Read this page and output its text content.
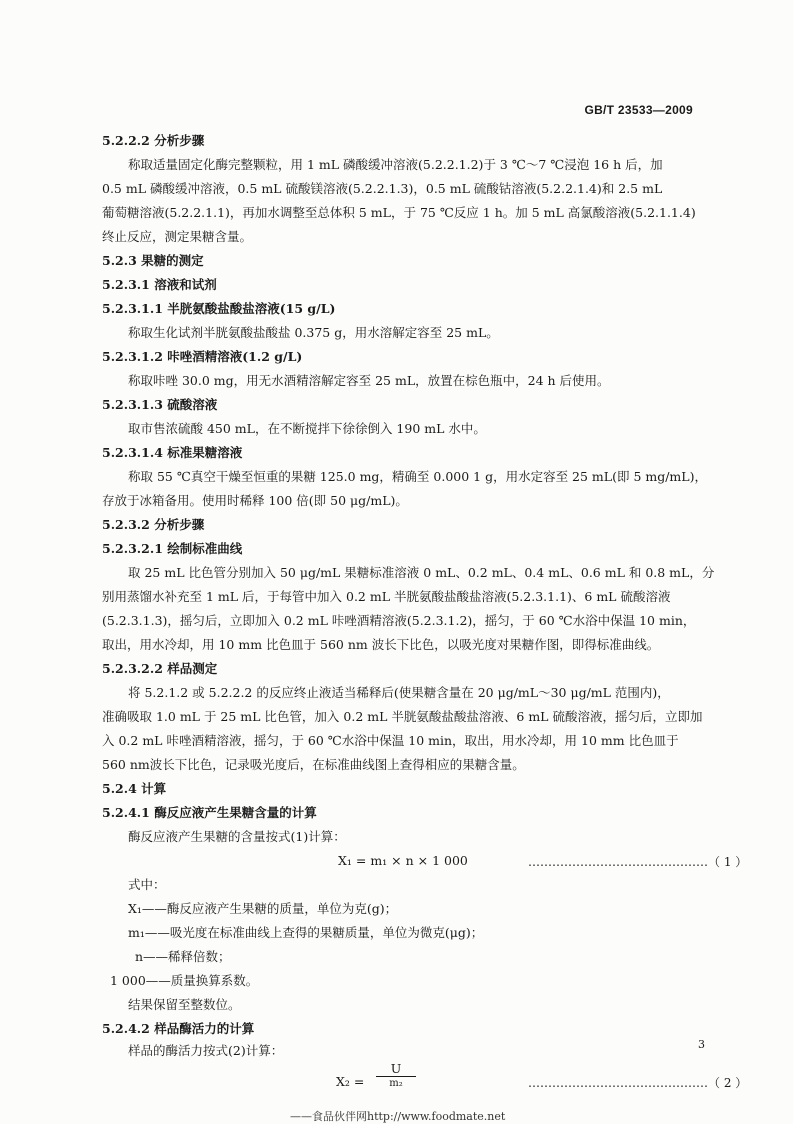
GB/T 23533—2009
5.2.2.2 分析步骤
称取适量固定化酶完整颗粒，用 1 mL 磷酸缓冲溶液(5.2.2.1.2)于 3 ℃～7 ℃浸泡 16 h 后，加
0.5 mL 磷酸缓冲溶液，0.5 mL 硫酸镁溶液(5.2.2.1.3)，0.5 mL 硫酸钴溶液(5.2.2.1.4)和 2.5 mL
葡萄糖溶液(5.2.2.1.1)，再加水调整至总体积 5 mL，于 75 ℃反应 1 h。加 5 mL 高氯酸溶液(5.2.1.1.4)
终止反应，测定果糖含量。
5.2.3 果糖的测定
5.2.3.1 溶液和试剂
5.2.3.1.1 半胱氨酸盐酸盐溶液(15 g/L)
称取生化试剂半胱氨酸盐酸盐 0.375 g，用水溶解定容至 25 mL。
5.2.3.1.2 咔唑酒精溶液(1.2 g/L)
称取咔唑 30.0 mg，用无水酒精溶解定容至 25 mL，放置在棕色瓶中，24 h 后使用。
5.2.3.1.3 硫酸溶液
取市售浓硫酸 450 mL，在不断搅拌下徐徐倒入 190 mL 水中。
5.2.3.1.4 标准果糖溶液
称取 55 ℃真空干燥至恒重的果糖 125.0 mg，精确至 0.000 1 g，用水定容至 25 mL(即 5 mg/mL)，
存放于冰箱备用。使用时稀释 100 倍(即 50 μg/mL)。
5.2.3.2 分析步骤
5.2.3.2.1 绘制标准曲线
取 25 mL 比色管分别加入 50 μg/mL 果糖标准溶液 0 mL、0.2 mL、0.4 mL、0.6 mL 和 0.8 mL，分
别用蒸馏水补充至 1 mL 后，于每管中加入 0.2 mL 半胱氨酸盐酸盐溶液(5.2.3.1.1)、6 mL 硫酸溶液
(5.2.3.1.3)，摇匀后，立即加入 0.2 mL 咔唑酒精溶液(5.2.3.1.2)，摇匀，于 60 ℃水浴中保温 10 min，
取出，用水冷却，用 10 mm 比色皿于 560 nm 波长下比色，以吸光度对果糖作图，即得标准曲线。
5.2.3.2.2 样品测定
将 5.2.1.2 或 5.2.2.2 的反应终止液适当稀释后(使果糖含量在 20 μg/mL～30 μg/mL 范围内)，
准确吸取 1.0 mL 于 25 mL 比色管，加入 0.2 mL 半胱氨酸盐酸盐溶液、6 mL 硫酸溶液，摇匀后，立即加
入 0.2 mL 咔唑酒精溶液，摇匀，于 60 ℃水浴中保温 10 min，取出，用水冷却，用 10 mm 比色皿于
560 nm波长下比色，记录吸光度后，在标准曲线图上查得相应的果糖含量。
5.2.4 计算
5.2.4.1 酶反应液产生果糖含量的计算
酶反应液产生果糖的含量按式(1)计算：
X₁ = m₁ × n × 1 000	………………………………………（ 1 ）
式中：
X₁——酶反应液产生果糖的质量，单位为克(g)；
m₁——吸光度在标准曲线上查得的果糖质量，单位为微克(μg)；
n——稀释倍数；
1 000——质量换算系数。
结果保留至整数位。
3
——食品伙伴网http://www.foodmate.net
5.2.4.2 样品酶活力的计算
样品的酶活力按式(2)计算：
X₂ =
U
m₂	………………………………………（ 2 ）
